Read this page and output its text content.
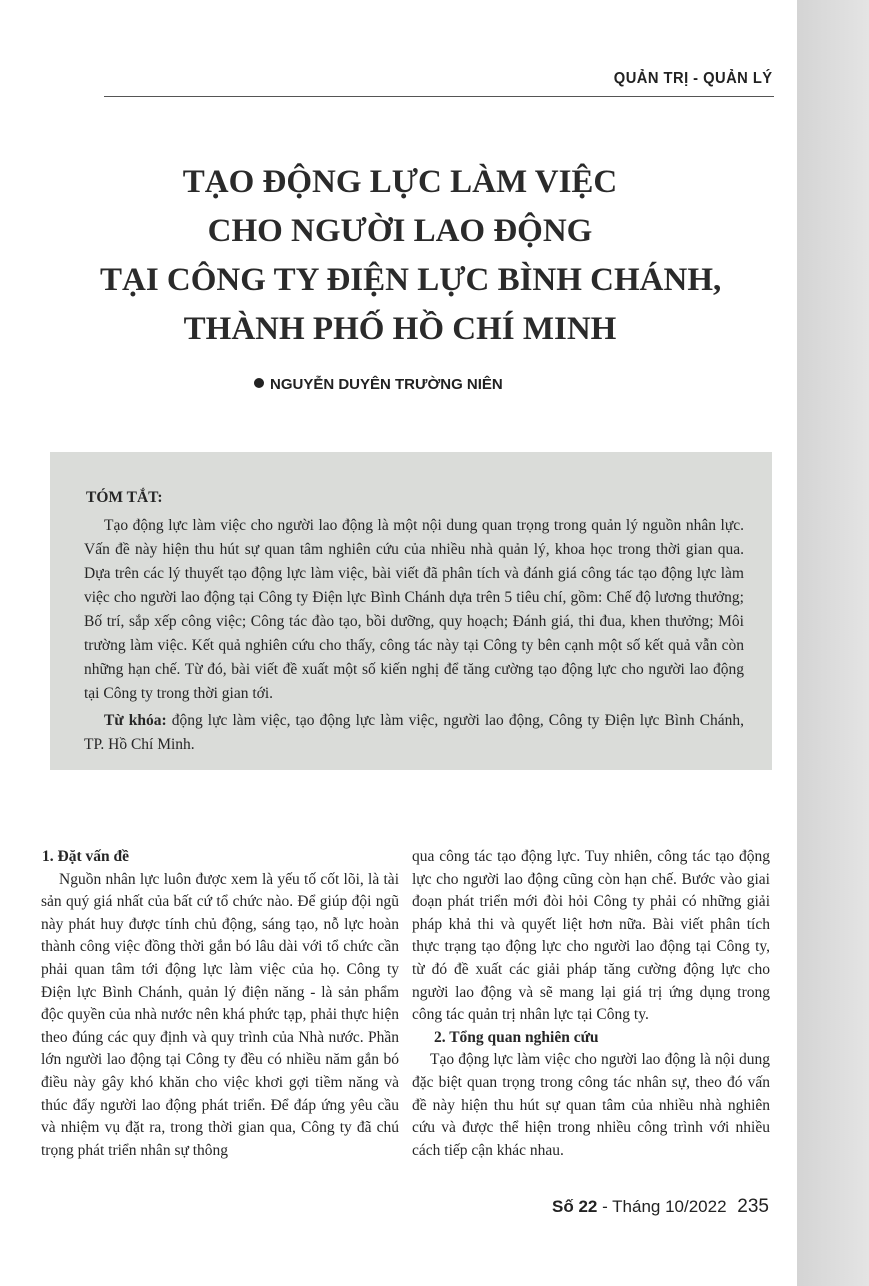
QUẢN TRỊ - QUẢN LÝ
TẠO ĐỘNG LỰC LÀM VIỆC
CHO NGƯỜI LAO ĐỘNG
TẠI CÔNG TY ĐIỆN LỰC BÌNH CHÁNH,
THÀNH PHỐ HỒ CHÍ MINH
NGUYỄN DUYÊN TRƯỜNG NIÊN
TÓM TẮT:

Tạo động lực làm việc cho người lao động là một nội dung quan trọng trong quản lý nguồn nhân lực. Vấn đề này hiện thu hút sự quan tâm nghiên cứu của nhiều nhà quản lý, khoa học trong thời gian qua. Dựa trên các lý thuyết tạo động lực làm việc, bài viết đã phân tích và đánh giá công tác tạo động lực làm việc cho người lao động tại Công ty Điện lực Bình Chánh dựa trên 5 tiêu chí, gồm: Chế độ lương thưởng; Bố trí, sắp xếp công việc; Công tác đào tạo, bồi dưỡng, quy hoạch; Đánh giá, thi đua, khen thưởng; Môi trường làm việc. Kết quả nghiên cứu cho thấy, công tác này tại Công ty bên cạnh một số kết quả vẫn còn những hạn chế. Từ đó, bài viết đề xuất một số kiến nghị để tăng cường tạo động lực cho người lao động tại Công ty trong thời gian tới.

Từ khóa: động lực làm việc, tạo động lực làm việc, người lao động, Công ty Điện lực Bình Chánh, TP. Hồ Chí Minh.

1. Đặt vấn đề

Nguồn nhân lực luôn được xem là yếu tố cốt lõi, là tài sản quý giá nhất của bất cứ tổ chức nào. Để giúp đội ngũ này phát huy được tính chủ động, sáng tạo, nỗ lực hoàn thành công việc đồng thời gắn bó lâu dài với tổ chức cần phải quan tâm tới động lực làm việc của họ. Công ty Điện lực Bình Chánh, quản lý điện năng - là sản phẩm độc quyền của nhà nước nên khá phức tạp, phải thực hiện theo đúng các quy định và quy trình của Nhà nước. Phần lớn người lao động tại Công ty đều có nhiều năm gắn bó điều này gây khó khăn cho việc khơi gợi tiềm năng và thúc đẩy người lao động phát triển. Để đáp ứng yêu cầu và nhiệm vụ đặt ra, trong thời gian qua, Công ty đã chú trọng phát triển nhân sự thông

qua công tác tạo động lực. Tuy nhiên, công tác tạo động lực cho người lao động cũng còn hạn chế. Bước vào giai đoạn phát triển mới đòi hỏi Công ty phải có những giải pháp khả thi và quyết liệt hơn nữa. Bài viết phân tích thực trạng tạo động lực cho người lao động tại Công ty, từ đó đề xuất các giải pháp tăng cường động lực cho người lao động và sẽ mang lại giá trị ứng dụng trong công tác quản trị nhân lực tại Công ty.

2. Tổng quan nghiên cứu

Tạo động lực làm việc cho người lao động là nội dung đặc biệt quan trọng trong công tác nhân sự, theo đó vấn đề này hiện thu hút sự quan tâm của nhiều nhà nghiên cứu và được thể hiện trong nhiều công trình với nhiều cách tiếp cận khác nhau.

Số 22 - Tháng 10/2022 235
